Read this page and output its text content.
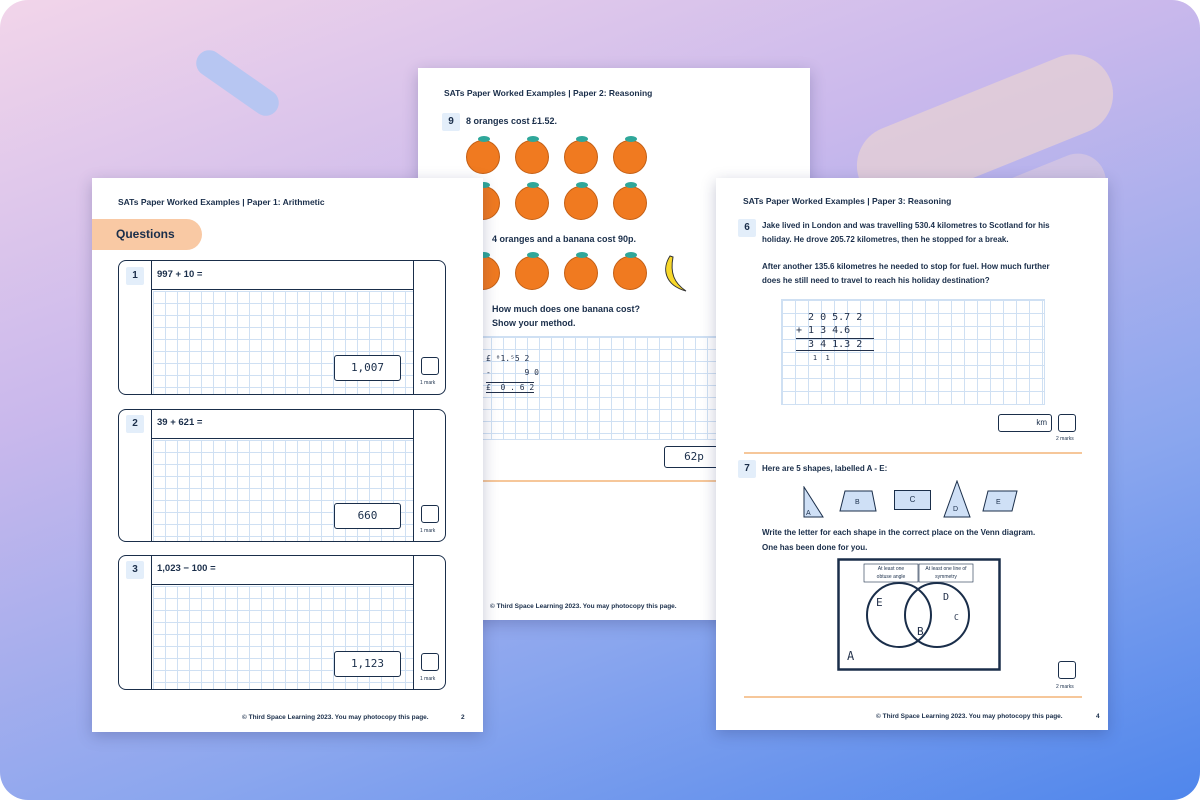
SATs Paper Worked Examples | Paper 2: Reasoning
9	8 oranges cost £1.52.
4 oranges and a banana cost 90p.
How much does one banana cost?
Show your method.
£ ⁰1.⁵5 2
-       9 0
£  0 . 6 2
62p
© Third Space Learning 2023. You may photocopy this page.
SATs Paper Worked Examples | Paper 1: Arithmetic
Questions
1	997 + 10 =
1,007
1 mark
2	39 + 621 =
660
1 mark
3	1,023 − 100 =
1,123
1 mark
© Third Space Learning 2023. You may photocopy this page.	2
SATs Paper Worked Examples | Paper 3: Reasoning
6	Jake lived in London and was travelling 530.4 kilometres to Scotland for his
holiday. He drove 205.72 kilometres, then he stopped for a break.
After another 135.6 kilometres he needed to stop for fuel. How much further
does he still need to travel to reach his holiday destination?
2 0 5.7 2
+ 1 3 4.6
3 4 1.3 2
1  1
km
2 marks
7	Here are 5 shapes, labelled A - E:
A
B	C
D
E
Write the letter for each shape in the correct place on the Venn diagram.
One has been done for you.
At least one obtuse angle
At least one line of symmetry
E
B
D
C
A
2 marks
© Third Space Learning 2023. You may photocopy this page.	4
